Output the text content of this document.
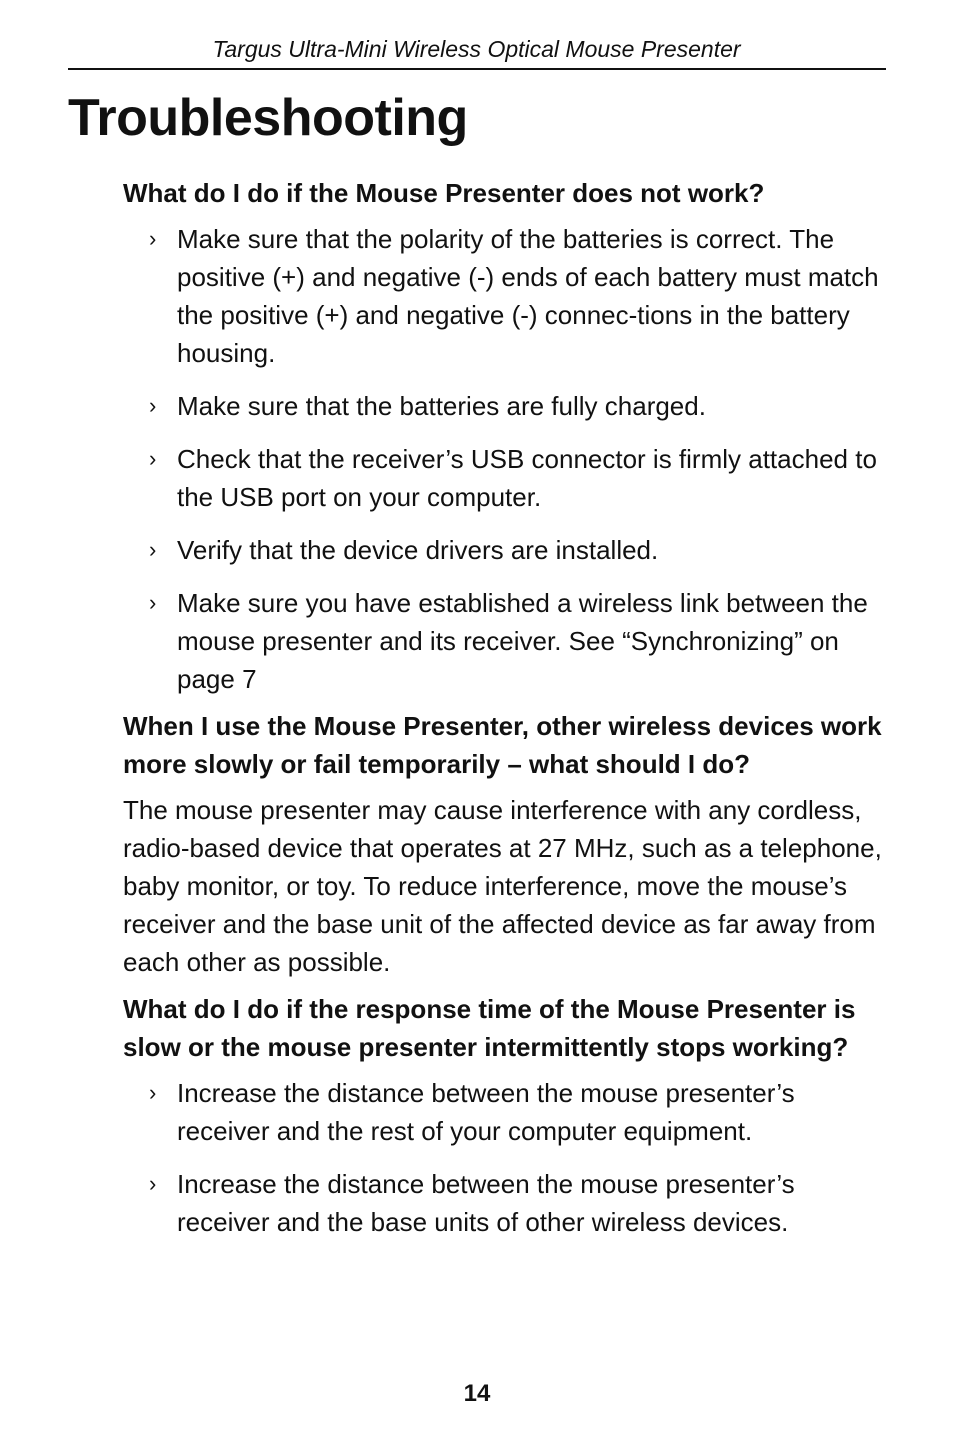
Targus Ultra-Mini Wireless Optical Mouse Presenter
Troubleshooting

What do I do if the Mouse Presenter does not work?

› Make sure that the polarity of the batteries is correct. The positive (+) and negative (-) ends of each battery must match the positive (+) and negative (-) connec-tions in the battery housing.
› Make sure that the batteries are fully charged.
› Check that the receiver’s USB connector is firmly attached to the USB port on your computer.
› Verify that the device drivers are installed.
› Make sure you have established a wireless link between the mouse presenter and its receiver. See “Synchronizing” on page 7

When I use the Mouse Presenter, other wireless devices work more slowly or fail temporarily – what should I do?

The mouse presenter may cause interference with any cordless, radio-based device that operates at 27 MHz, such as a telephone, baby monitor, or toy. To reduce interference, move the mouse’s receiver and the base unit of the affected device as far away from each other as possible.

What do I do if the response time of the Mouse Presenter is slow or the mouse presenter intermittently stops working?

› Increase the distance between the mouse presenter’s receiver and the rest of your computer equipment.
› Increase the distance between the mouse presenter’s receiver and the base units of other wireless devices.
14
